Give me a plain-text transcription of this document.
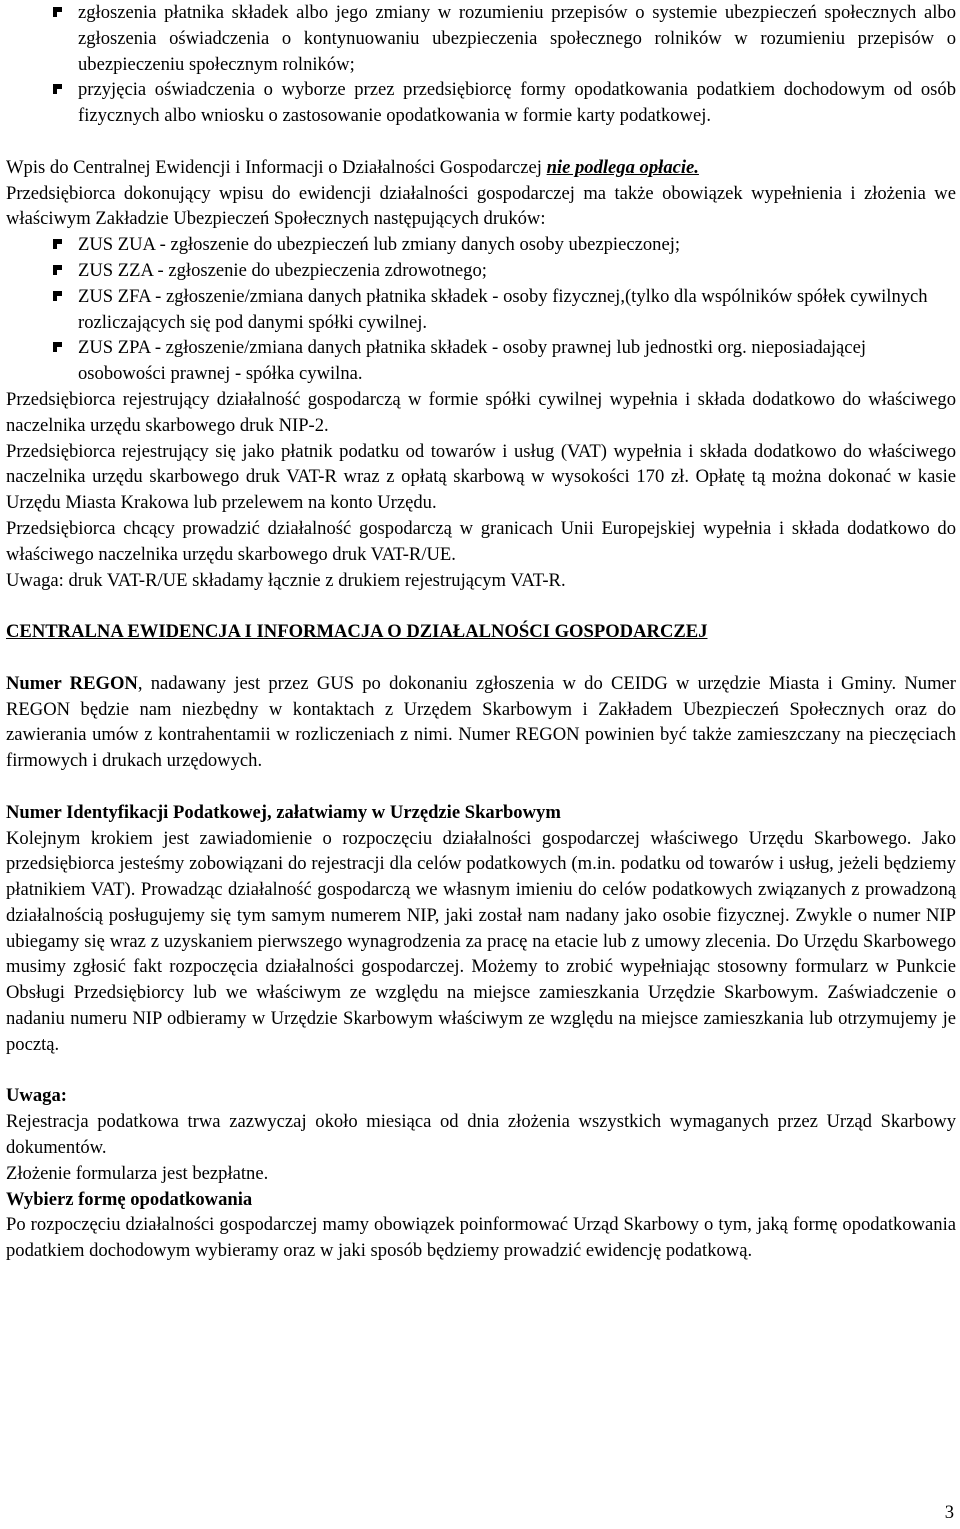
zgłoszenia płatnika składek albo jego zmiany w rozumieniu przepisów o systemie ubezpieczeń społecznych albo zgłoszenia oświadczenia o kontynuowaniu ubezpieczenia społecznego rolników w rozumieniu przepisów o ubezpieczeniu społecznym rolników;
przyjęcia oświadczenia o wyborze przez przedsiębiorcę formy opodatkowania podatkiem dochodowym od osób fizycznych albo wniosku o zastosowanie opodatkowania w formie karty podatkowej.

Wpis do Centralnej Ewidencji i Informacji o Działalności Gospodarczej nie podlega opłacie.

Przedsiębiorca dokonujący wpisu do ewidencji działalności gospodarczej ma także obowiązek wypełnienia i złożenia we właściwym Zakładzie Ubezpieczeń Społecznych następujących druków:

ZUS ZUA - zgłoszenie do ubezpieczeń lub zmiany danych osoby ubezpieczonej;
ZUS ZZA - zgłoszenie do ubezpieczenia zdrowotnego;
ZUS ZFA - zgłoszenie/zmiana danych płatnika składek - osoby fizycznej,(tylko dla wspólników spółek cywilnych rozliczających się pod danymi spółki cywilnej.
ZUS ZPA - zgłoszenie/zmiana danych płatnika składek - osoby prawnej lub jednostki org. nieposiadającej osobowości prawnej - spółka cywilna.

Przedsiębiorca rejestrujący działalność gospodarczą w formie spółki cywilnej wypełnia i składa dodatkowo do właściwego naczelnika urzędu skarbowego druk NIP-2.

Przedsiębiorca rejestrujący się jako płatnik podatku od towarów i usług (VAT) wypełnia i składa dodatkowo do właściwego naczelnika urzędu skarbowego druk VAT-R wraz z opłatą skarbową w wysokości 170 zł. Opłatę tą można dokonać w kasie Urzędu Miasta Krakowa lub przelewem na konto Urzędu.

Przedsiębiorca chcący prowadzić działalność gospodarczą w granicach Unii Europejskiej wypełnia i składa dodatkowo do właściwego naczelnika urzędu skarbowego druk VAT-R/UE.

Uwaga: druk VAT-R/UE składamy łącznie z drukiem rejestrującym VAT-R.

CENTRALNA EWIDENCJA I INFORMACJA O DZIAŁALNOŚCI GOSPODARCZEJ

Numer REGON, nadawany jest przez GUS po dokonaniu zgłoszenia w do CEIDG w urzędzie Miasta i Gminy. Numer REGON będzie nam niezbędny w kontaktach z Urzędem Skarbowym i Zakładem Ubezpieczeń Społecznych oraz do zawierania umów z kontrahentamii w rozliczeniach z nimi. Numer REGON powinien być także zamieszczany na pieczęciach firmowych i drukach urzędowych.

Numer Identyfikacji Podatkowej, załatwiamy w Urzędzie Skarbowym

Kolejnym krokiem jest zawiadomienie o rozpoczęciu działalności gospodarczej właściwego Urzędu Skarbowego. Jako przedsiębiorca jesteśmy zobowiązani do rejestracji dla celów podatkowych (m.in. podatku od towarów i usług, jeżeli będziemy płatnikiem VAT). Prowadząc działalność gospodarczą we własnym imieniu do celów podatkowych związanych z prowadzoną działalnością posługujemy się tym samym numerem NIP, jaki został nam nadany jako osobie fizycznej. Zwykle o numer NIP ubiegamy się wraz z uzyskaniem pierwszego wynagrodzenia za pracę na etacie lub z umowy zlecenia. Do Urzędu Skarbowego musimy zgłosić fakt rozpoczęcia działalności gospodarczej. Możemy to zrobić wypełniając stosowny formularz w Punkcie Obsługi Przedsiębiorcy lub we właściwym ze względu na miejsce zamieszkania Urzędzie Skarbowym. Zaświadczenie o nadaniu numeru NIP odbieramy w Urzędzie Skarbowym właściwym ze względu na miejsce zamieszkania lub otrzymujemy je pocztą.

Uwaga:

Rejestracja podatkowa trwa zazwyczaj około miesiąca od dnia złożenia wszystkich wymaganych przez Urząd Skarbowy dokumentów.

Złożenie formularza jest bezpłatne.

Wybierz formę opodatkowania

Po rozpoczęciu działalności gospodarczej mamy obowiązek poinformować Urząd Skarbowy o tym, jaką formę opodatkowania podatkiem dochodowym wybieramy oraz w jaki sposób będziemy prowadzić ewidencję podatkową.

3
